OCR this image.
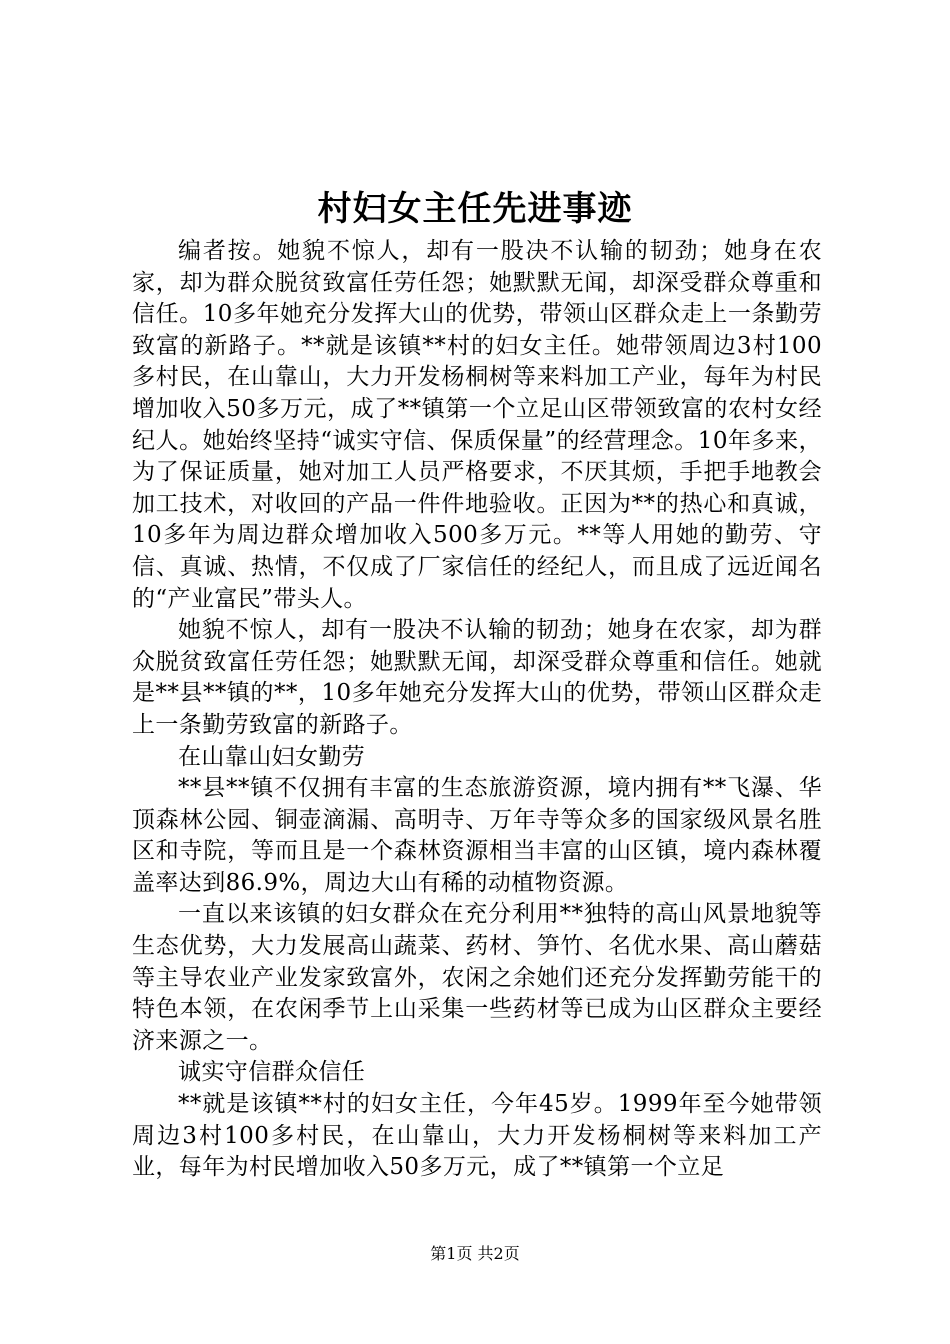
村妇女主任先进事迹

编者按。她貌不惊人，却有一股决不认输的韧劲；她身在农家，却为群众脱贫致富任劳任怨；她默默无闻，却深受群众尊重和信任。10多年她充分发挥大山的优势，带领山区群众走上一条勤劳致富的新路子。**就是该镇**村的妇女主任。她带领周边3村100多村民，在山靠山，大力开发杨桐树等来料加工产业，每年为村民增加收入50多万元，成了**镇第一个立足山区带领致富的农村女经纪人。她始终坚持“诚实守信、保质保量”的经营理念。10年多来，为了保证质量，她对加工人员严格要求，不厌其烦，手把手地教会加工技术，对收回的产品一件件地验收。正因为**的热心和真诚，10多年为周边群众增加收入500多万元。**等人用她的勤劳、守信、真诚、热情，不仅成了厂家信任的经纪人，而且成了远近闻名的“产业富民”带头人。

她貌不惊人，却有一股决不认输的韧劲；她身在农家，却为群众脱贫致富任劳任怨；她默默无闻，却深受群众尊重和信任。她就是**县**镇的**，10多年她充分发挥大山的优势，带领山区群众走上一条勤劳致富的新路子。

在山靠山妇女勤劳

**县**镇不仅拥有丰富的生态旅游资源，境内拥有**飞瀑、华顶森林公园、铜壶滴漏、高明寺、万年寺等众多的国家级风景名胜区和寺院，等而且是一个森林资源相当丰富的山区镇，境内森林覆盖率达到86.9%，周边大山有稀的动植物资源。

一直以来该镇的妇女群众在充分利用**独特的高山风景地貌等生态优势，大力发展高山蔬菜、药材、笋竹、名优水果、高山蘑菇等主导农业产业发家致富外，农闲之余她们还充分发挥勤劳能干的特色本领，在农闲季节上山采集一些药材等已成为山区群众主要经济来源之一。

诚实守信群众信任

**就是该镇**村的妇女主任，今年45岁。1999年至今她带领周边3村100多村民，在山靠山，大力开发杨桐树等来料加工产业，每年为村民增加收入50多万元，成了**镇第一个立足

第1页 共2页
